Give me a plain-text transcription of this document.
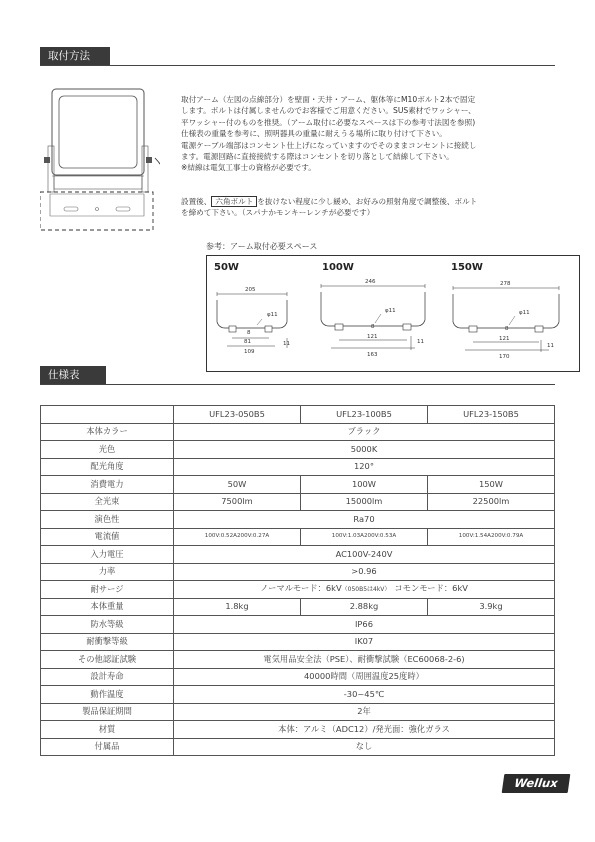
取付方法
取付アーム（左図の点線部分）を壁面・天井・アーム、躯体等にM10ボルト2本で固定
します。ボルトは付属しませんのでお客様でご用意ください。SUS素材でワッシャー、
平ワッシャー付のものを推奨。（アーム取付に必要なスペースは下の参考寸法図を参照)
仕様表の重量を参考に、照明器具の重量に耐えうる場所に取り付けて下さい。
電源ケーブル端部はコンセント仕上げになっていますのでそのままコンセントに接続し
ます。電源回路に直接接続する際はコンセントを切り落として結線して下さい。
※結線は電気工事士の資格が必要です。
設置後、 六角ボルト を抜けない程度に少し緩め、お好みの照射角度で調整後、ボルト
を締めて下さい。（スパナかモンキーレンチが必要です）
参考：アーム取付必要スペース
50W	100W	150W
205
φ11
8
81
109
11
246
φ11
8
121
163
11
278
φ11
8
121
170
11
仕様表
	UFL23-050B5	UFL23-100B5	UFL23-150B5
本体カラー	ブラック		
光色	5000K		
配光角度	120°		
消費電力	50W	100W	150W
全光束	7500lm	15000lm	22500lm
演色性	Ra70		
電流値	100V:0.52A200V:0.27A	100V:1.03A200V:0.53A	100V:1.54A200V:0.79A
入力電圧	AC100V-240V		
力率	>0.96		
耐サージ	ノーマルモード：6kV（050B5は4kV） コモンモード：6kV		
本体重量	1.8kg	2.88kg	3.9kg
防水等級	IP66		
耐衝撃等級	IK07		
その他認証試験	電気用品安全法（PSE）、耐衝撃試験（EC60068-2-6)		
設計寿命	40000時間（周囲温度25度時）		
動作温度	-30~45℃		
製品保証期間	2年		
材質	本体：アルミ（ADC12）/発光面：強化ガラス		
付属品	なし		
Wellux
